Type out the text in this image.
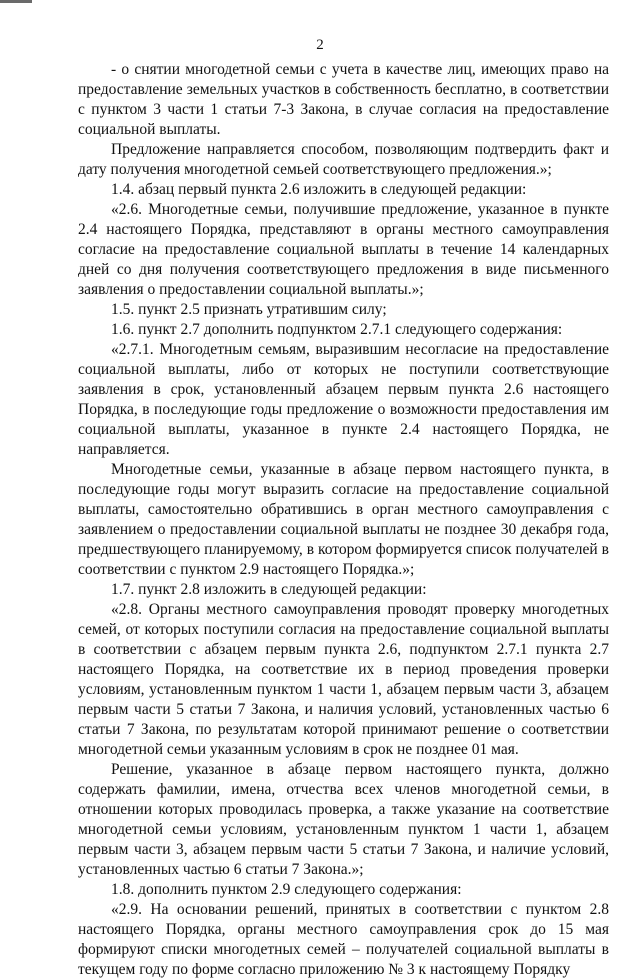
2

- о снятии многодетной семьи с учета в качестве лиц, имеющих право на предоставление земельных участков в собственность бесплатно, в соответствии с пунктом 3 части 1 статьи 7-3 Закона, в случае согласия на предоставление социальной выплаты.

Предложение направляется способом, позволяющим подтвердить факт и дату получения многодетной семьей соответствующего предложения.»;

1.4. абзац первый пункта 2.6 изложить в следующей редакции:

«2.6. Многодетные семьи, получившие предложение, указанное в пункте 2.4 настоящего Порядка, представляют в органы местного самоуправления согласие на предоставление социальной выплаты в течение 14 календарных дней со дня получения соответствующего предложения в виде письменного заявления о предоставлении социальной выплаты.»;

1.5. пункт 2.5 признать утратившим силу;

1.6. пункт 2.7 дополнить подпунктом 2.7.1 следующего содержания:

«2.7.1. Многодетным семьям, выразившим несогласие на предоставление социальной выплаты, либо от которых не поступили соответствующие заявления в срок, установленный абзацем первым пункта 2.6 настоящего Порядка, в последующие годы предложение о возможности предоставления им социальной выплаты, указанное в пункте 2.4 настоящего Порядка, не направляется.

Многодетные семьи, указанные в абзаце первом настоящего пункта, в последующие годы могут выразить согласие на предоставление социальной выплаты, самостоятельно обратившись в орган местного самоуправления с заявлением о предоставлении социальной выплаты не позднее 30 декабря года, предшествующего планируемому, в котором формируется список получателей в соответствии с пунктом 2.9 настоящего Порядка.»;

1.7. пункт 2.8 изложить в следующей редакции:

«2.8. Органы местного самоуправления проводят проверку многодетных семей, от которых поступили согласия на предоставление социальной выплаты в соответствии с абзацем первым пункта 2.6, подпунктом 2.7.1 пункта 2.7 настоящего Порядка, на соответствие их в период проведения проверки условиям, установленным пунктом 1 части 1, абзацем первым части 3, абзацем первым части 5 статьи 7 Закона, и наличия условий, установленных частью 6 статьи 7 Закона, по результатам которой принимают решение о соответствии многодетной семьи указанным условиям в срок не позднее 01 мая.

Решение, указанное в абзаце первом настоящего пункта, должно содержать фамилии, имена, отчества всех членов многодетной семьи, в отношении которых проводилась проверка, а также указание на соответствие многодетной семьи условиям, установленным пунктом 1 части 1, абзацем первым части 3, абзацем первым части 5 статьи 7 Закона, и наличие условий, установленных частью 6 статьи 7 Закона.»;

1.8. дополнить пунктом 2.9 следующего содержания:

«2.9. На основании решений, принятых в соответствии с пунктом 2.8 настоящего Порядка, органы местного самоуправления срок до 15 мая формируют списки многодетных семей – получателей социальной выплаты в текущем году по форме согласно приложению № 3 к настоящему Порядку
